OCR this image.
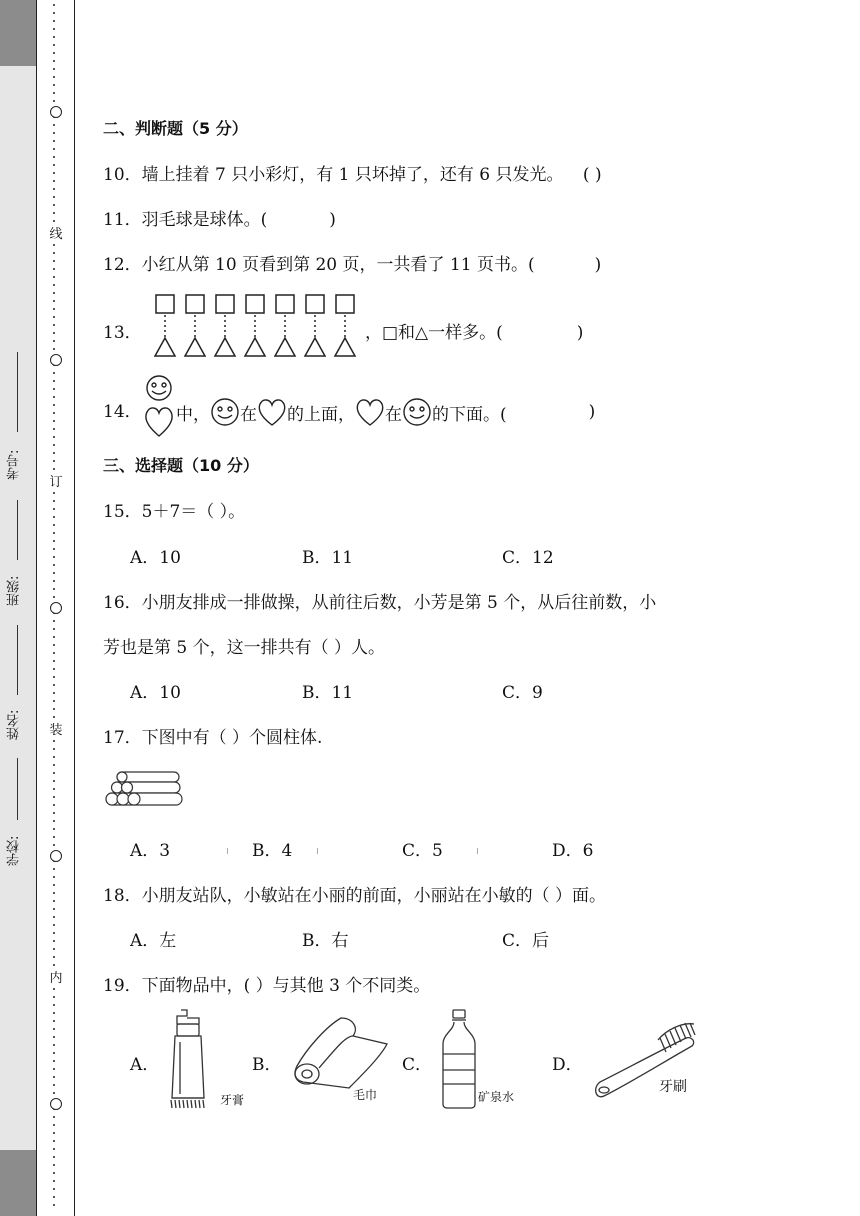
线
订
装
内
考号:
班级:
姓名:
学校:
二、判断题（5 分）
10．墙上挂着 7 只小彩灯，有 1 只坏掉了，还有 6 只发光。 ( )
11．羽毛球是球体。(	)
12．小红从第 10 页看到第 20 页，一共看了 11 页书。(	)
13．	，□和△一样多。(	)
14． 中， 在 的上面， 在 的下面。(	)
三、选择题（10 分）
15．5＋7＝（ ）。
A．10	B．11	C．12
16．小朋友排成一排做操，从前往后数，小芳是第 5 个，从后往前数，小
芳也是第 5 个，这一排共有（ ）人。
A．10	B．11	C．9
17．下图中有（ ）个圆柱体.
A．3	B．4	C．5	D．6
18．小朋友站队，小敏站在小丽的前面，小丽站在小敏的（ ）面。
A．左	B．右	C．后
19．下面物品中，( ）与其他 3 个不同类。
A．
牙膏
B．
毛巾
C．
矿泉水
D．
牙刷
